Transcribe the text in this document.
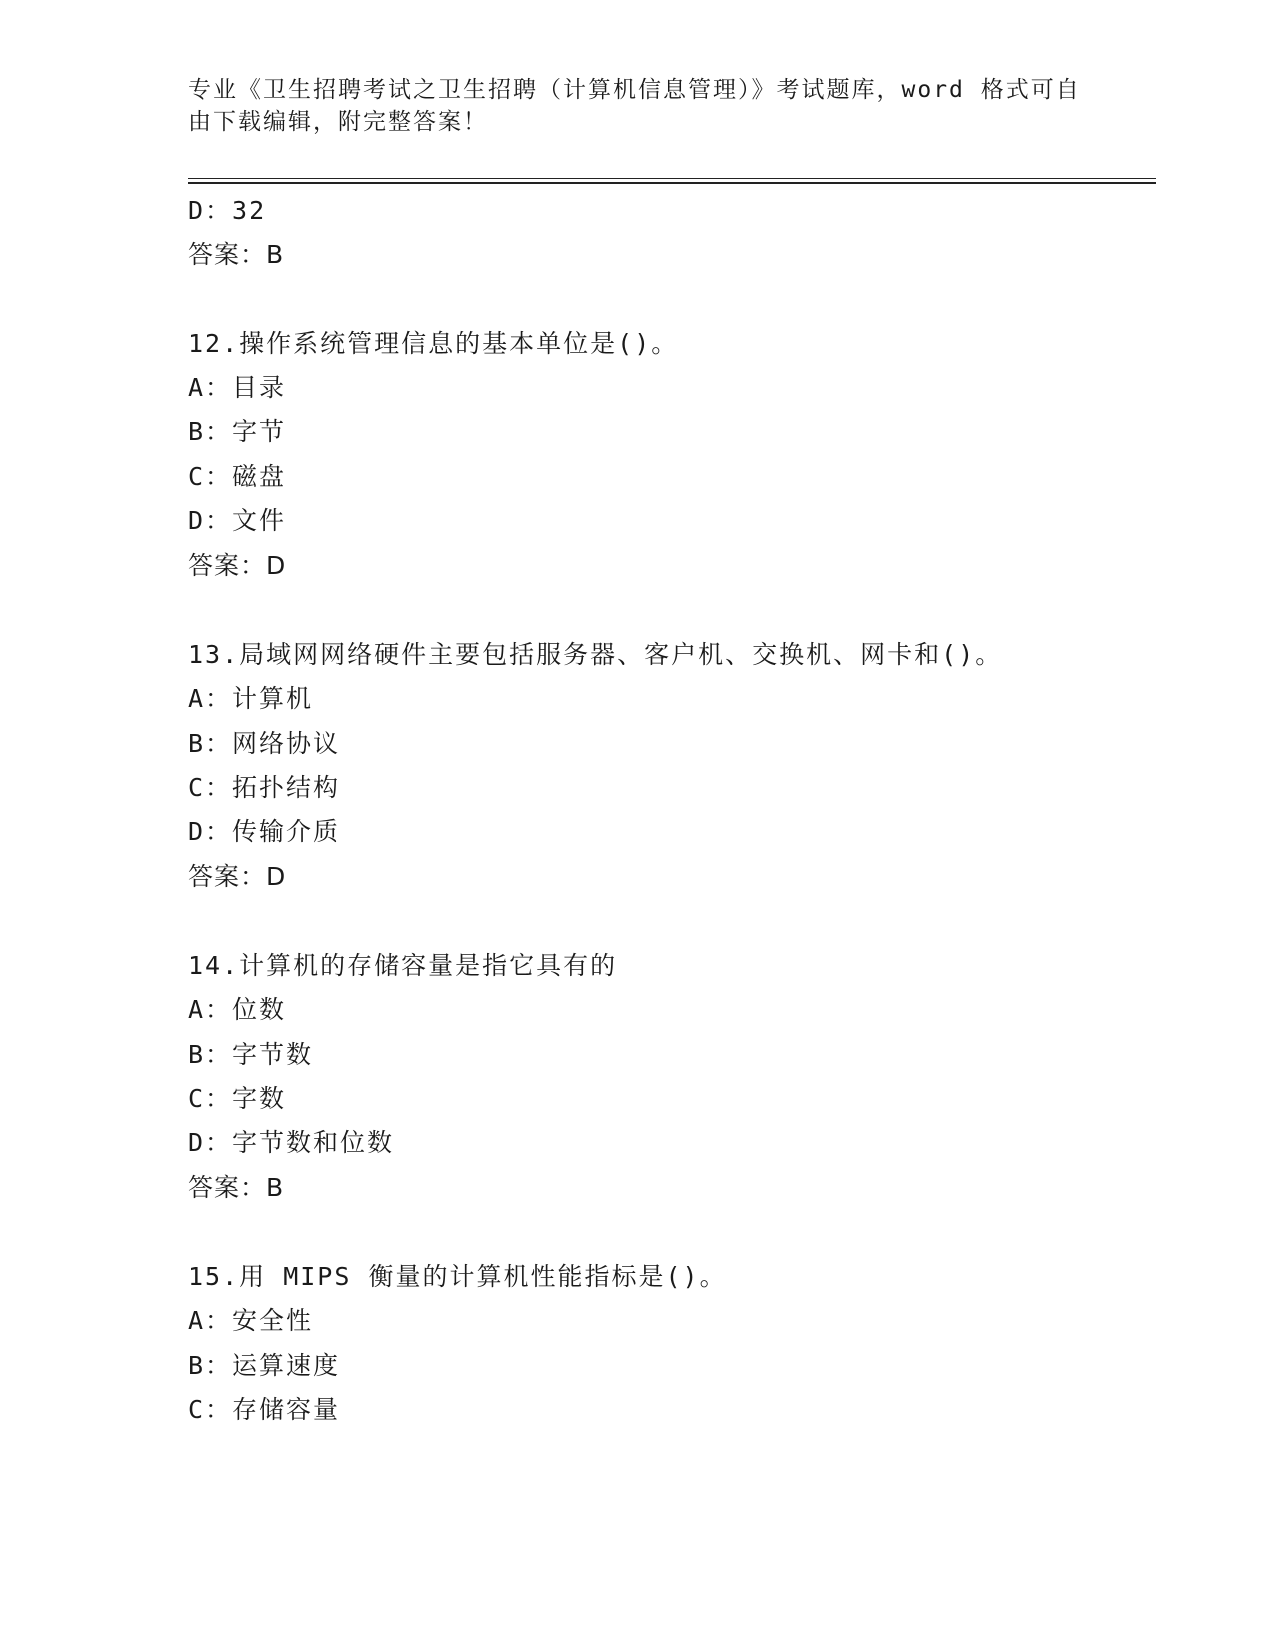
专业《卫生招聘考试之卫生招聘（计算机信息管理）》考试题库，word 格式可自
由下载编辑，附完整答案！
D：32
答案：B
12.操作系统管理信息的基本单位是()。
A：目录
B：字节
C：磁盘
D：文件
答案：D
13.局域网网络硬件主要包括服务器、客户机、交换机、网卡和()。
A：计算机
B：网络协议
C：拓扑结构
D：传输介质
答案：D
14.计算机的存储容量是指它具有的
A：位数
B：字节数
C：字数
D：字节数和位数
答案：B
15.用 MIPS 衡量的计算机性能指标是()。
A：安全性
B：运算速度
C：存储容量
